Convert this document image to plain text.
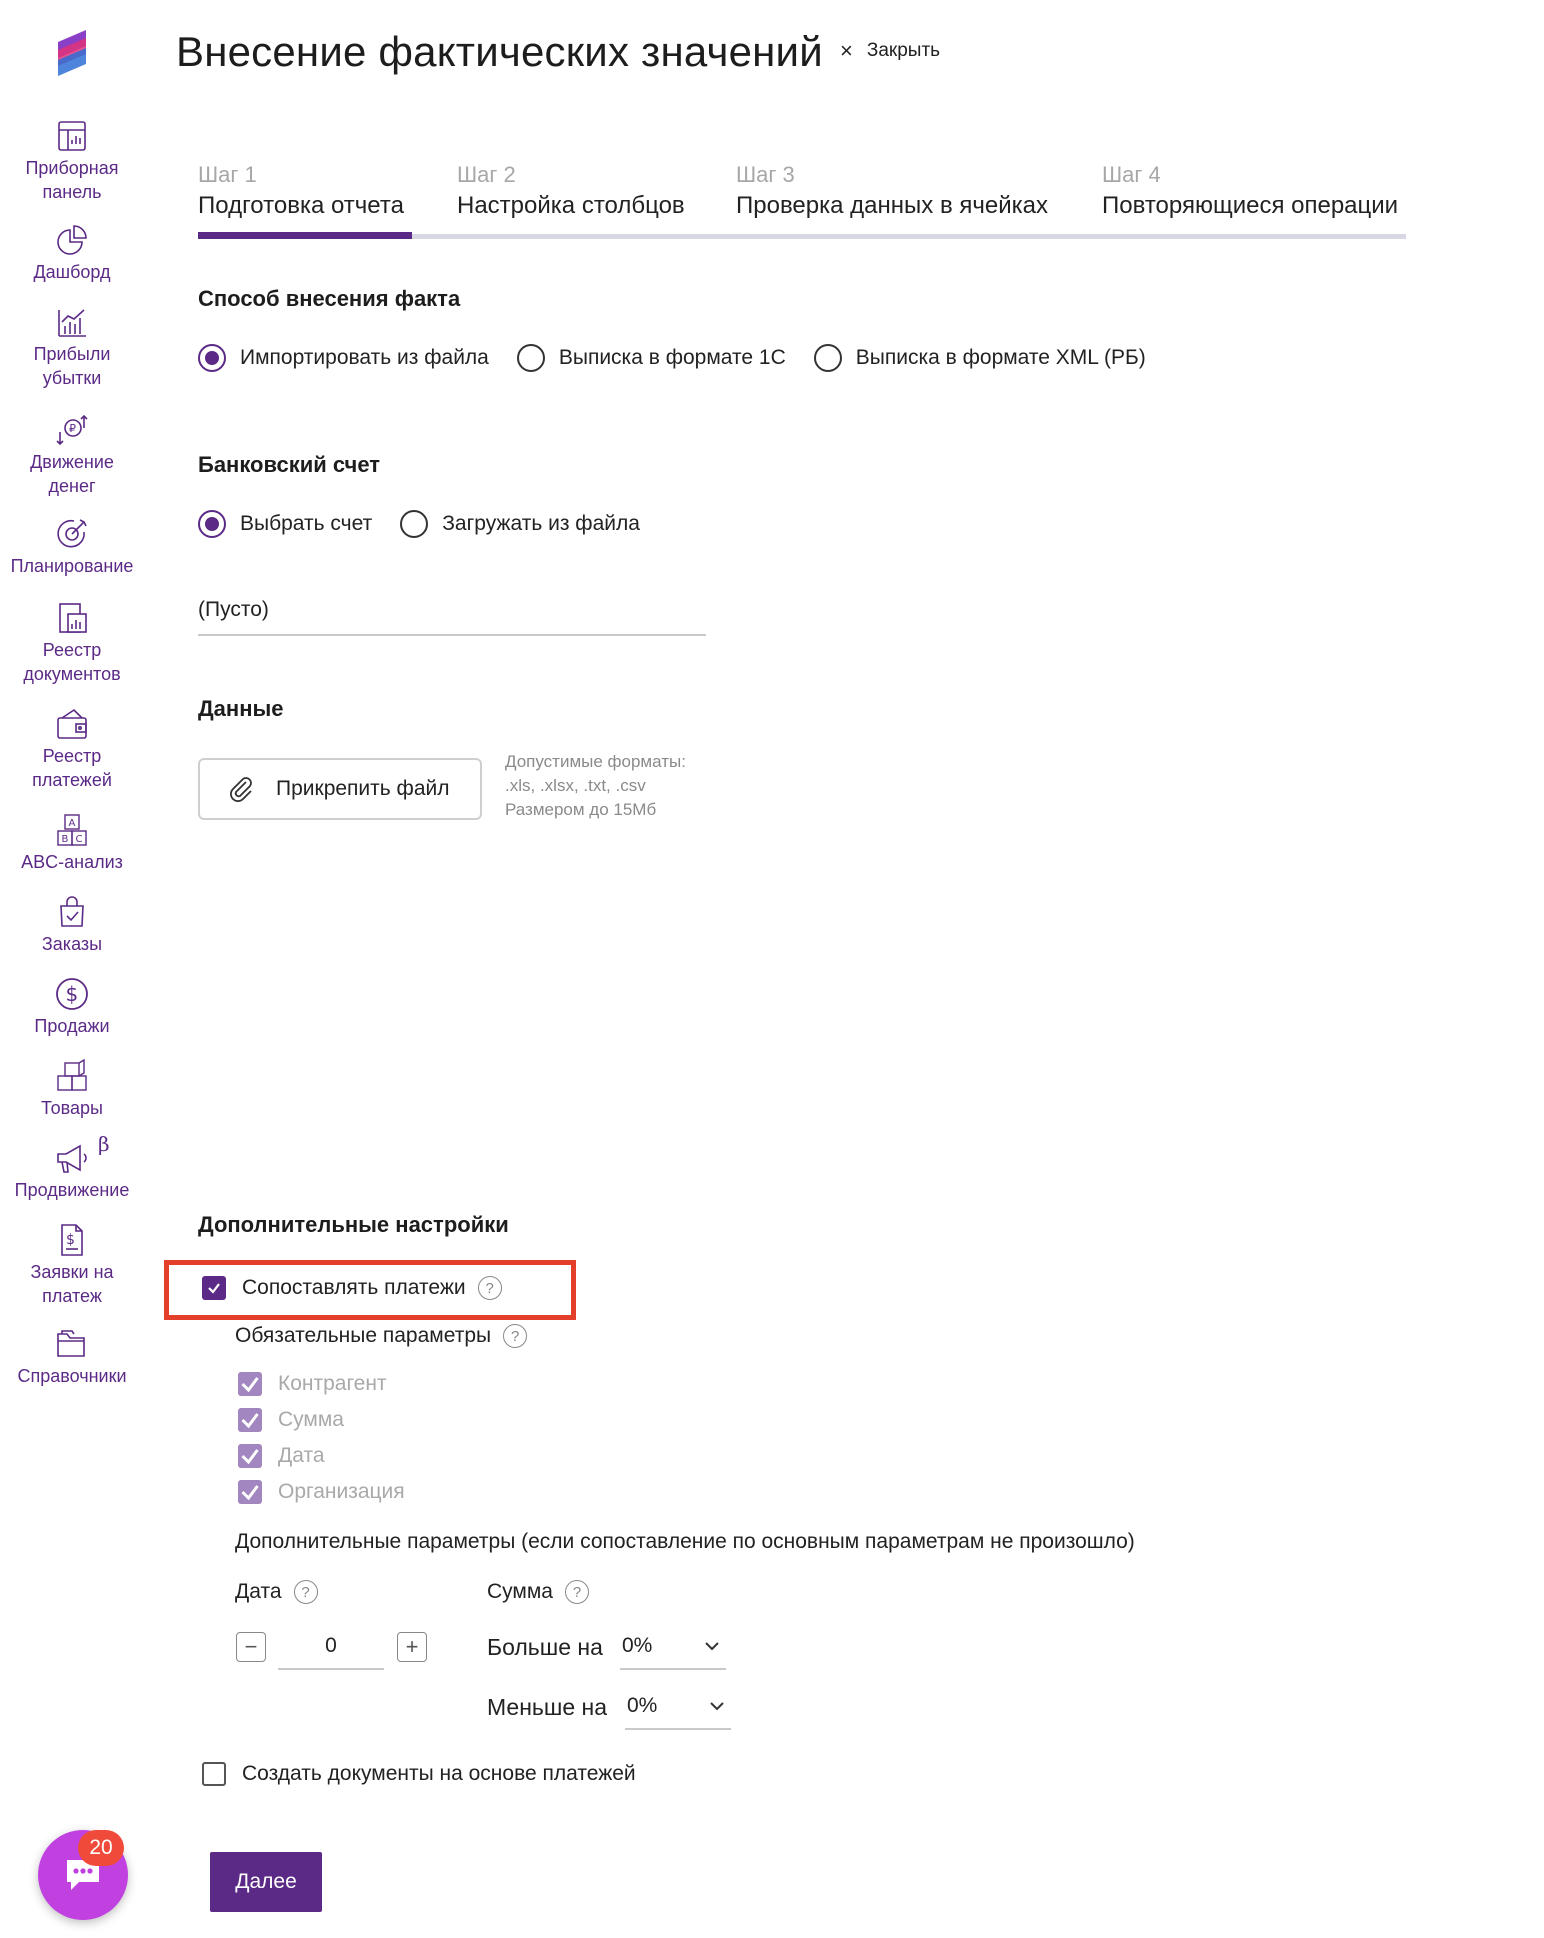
Приборная
панель
Дашборд
Прибыли
убытки
₽
Движение
денег
Планирование
Реестр
документов
Реестр
платежей
A
B C
ABC-анализ
Заказы
$
Продажи
Товары
β
Продвижение
$
Заявки на
платеж
Справочники
Внесение фактических значений × Закрыть
Шаг 1
Подготовка отчета
Шаг 2
Настройка столбцов
Шаг 3
Проверка данных в ячейках
Шаг 4
Повторяющиеся операции
Способ внесения факта
Импортировать из файла	Выписка в формате 1С	Выписка в формате XML (РБ)
Банковский счет
Выбрать счет	Загружать из файла
(Пусто)
Данные
Прикрепить файл
Допустимые форматы:
.xls, .xlsx, .txt, .csv
Размером до 15Мб
Дополнительные настройки
Сопоставлять платежи	?
Обязательные параметры	?
Контрагент
Сумма
Дата
Организация
Дополнительные параметры (если сопоставление по основным параметрам не произошло)
Дата	?	Сумма	?
−	0	+	Больше на 0%
Меньше на 0%
Создать документы на основе платежей
Далее
20
